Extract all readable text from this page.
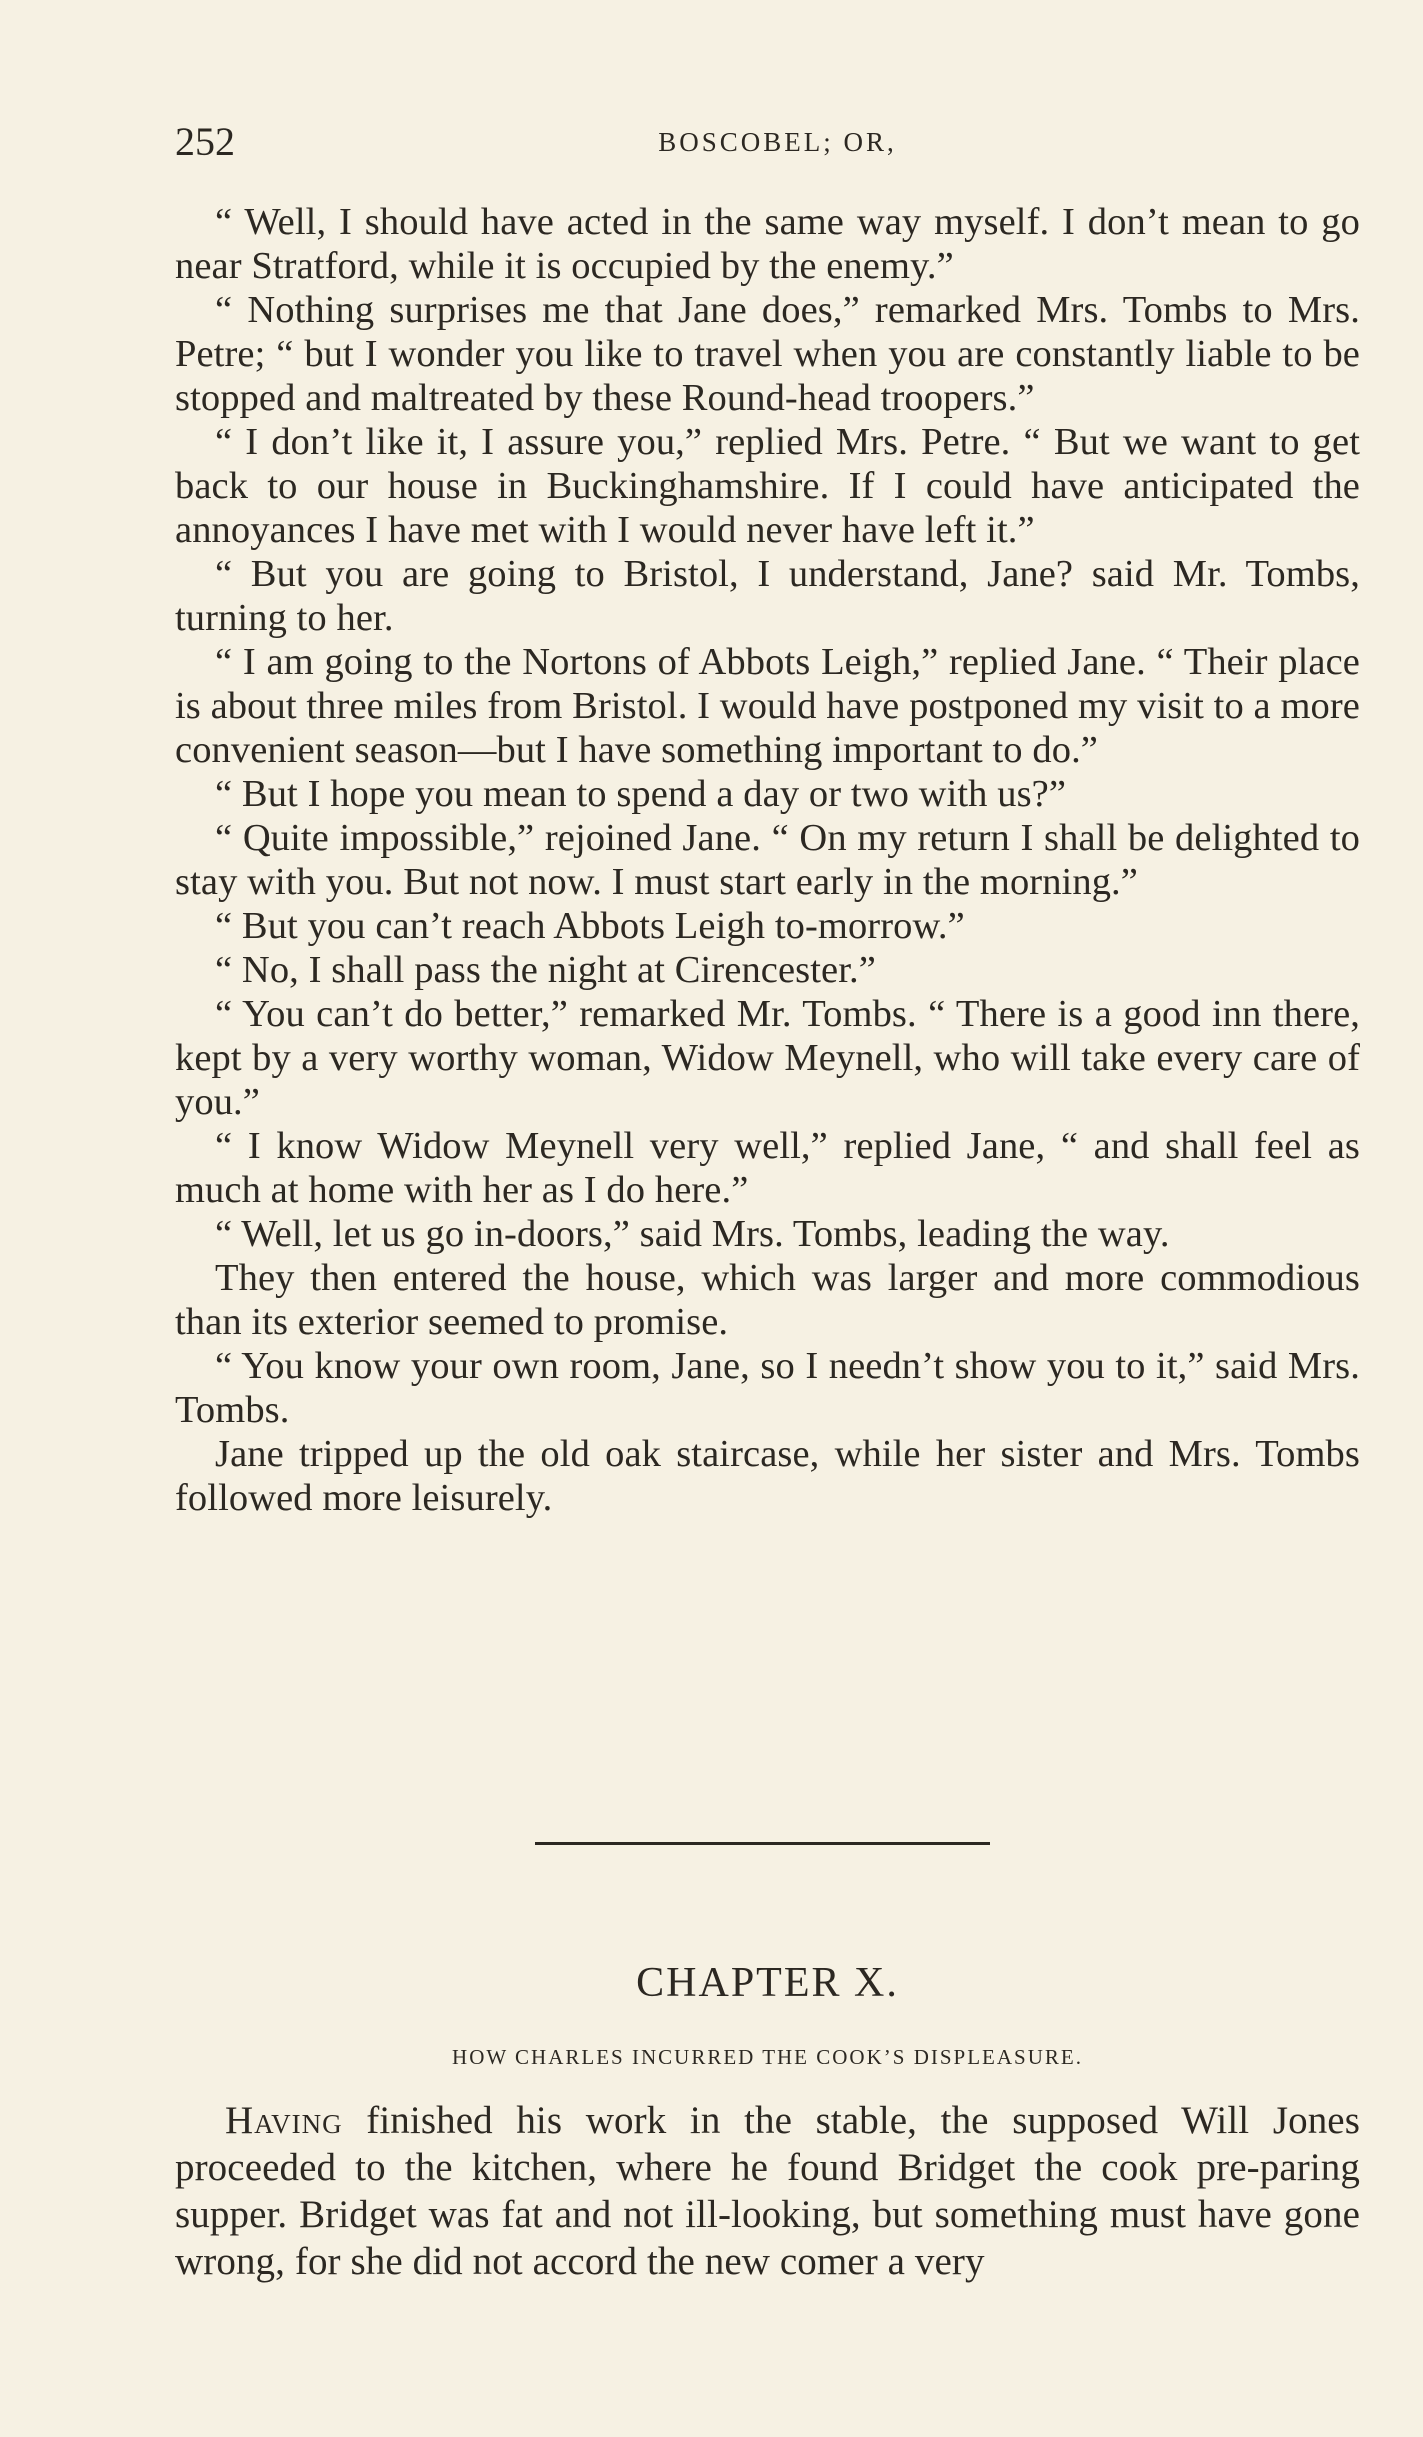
252	BOSCOBEL; OR,

“ Well, I should have acted in the same way myself. I don’t mean to go near Stratford, while it is occupied by the enemy.”

“ Nothing surprises me that Jane does,” remarked Mrs. Tombs to Mrs. Petre; “ but I wonder you like to travel when you are constantly liable to be stopped and maltreated by these Round-head troopers.”

“ I don’t like it, I assure you,” replied Mrs. Petre. “ But we want to get back to our house in Buckinghamshire. If I could have anticipated the annoyances I have met with I would never have left it.”

“ But you are going to Bristol, I understand, Jane? said Mr. Tombs, turning to her.

“ I am going to the Nortons of Abbots Leigh,” replied Jane. “ Their place is about three miles from Bristol. I would have postponed my visit to a more convenient season—but I have something important to do.”

“ But I hope you mean to spend a day or two with us?”

“ Quite impossible,” rejoined Jane. “ On my return I shall be delighted to stay with you. But not now. I must start early in the morning.”

“ But you can’t reach Abbots Leigh to-morrow.”

“ No, I shall pass the night at Cirencester.”

“ You can’t do better,” remarked Mr. Tombs. “ There is a good inn there, kept by a very worthy woman, Widow Meynell, who will take every care of you.”

“ I know Widow Meynell very well,” replied Jane, “ and shall feel as much at home with her as I do here.”

“ Well, let us go in-doors,” said Mrs. Tombs, leading the way.

They then entered the house, which was larger and more commodious than its exterior seemed to promise.

“ You know your own room, Jane, so I needn’t show you to it,” said Mrs. Tombs.

Jane tripped up the old oak staircase, while her sister and Mrs. Tombs followed more leisurely.

CHAPTER X.
HOW CHARLES INCURRED THE COOK’S DISPLEASURE.

Having finished his work in the stable, the supposed Will Jones proceeded to the kitchen, where he found Bridget the cook pre-paring supper. Bridget was fat and not ill-looking, but something must have gone wrong, for she did not accord the new comer a very
